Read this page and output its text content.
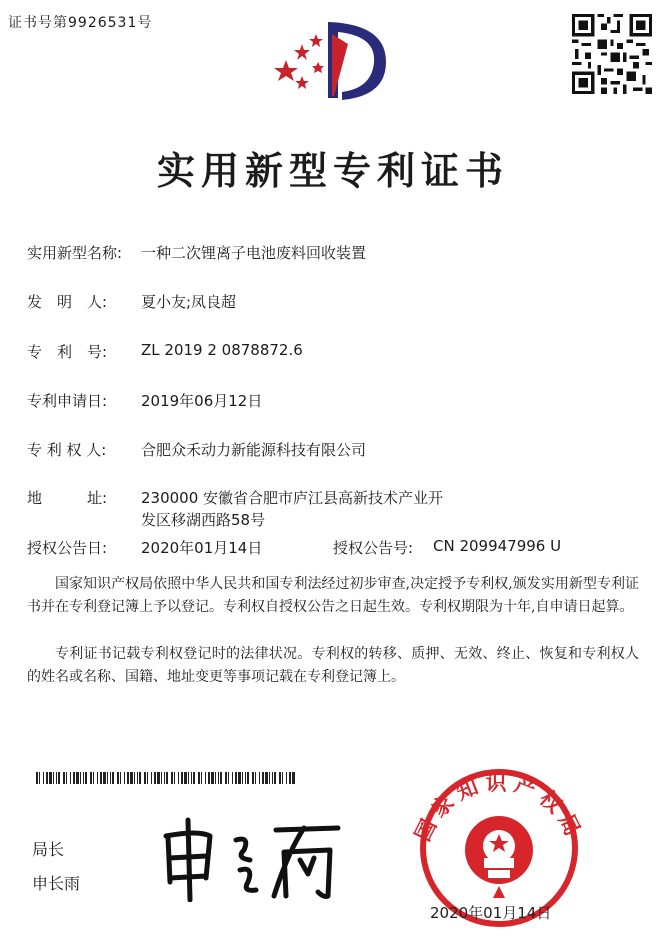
证书号第9926531号
实用新型专利证书
实用新型名称:	一种二次锂离子电池废料回收装置
发　明　人:	夏小友;凤良超
专　利　号:	ZL 2019 2 0878872.6
专利申请日:	2019年06月12日
专 利 权 人:	合肥众禾动力新能源科技有限公司
地　　　址:	230000 安徽省合肥市庐江县高新技术产业开发区移湖西路58号
授权公告日:	2020年01月14日	授权公告号:	CN 209947996 U
国家知识产权局依照中华人民共和国专利法经过初步审查,决定授予专利权,颁发实用新型专利证书并在专利登记簿上予以登记。专利权自授权公告之日起生效。专利权期限为十年,自申请日起算。
专利证书记载专利权登记时的法律状况。专利权的转移、质押、无效、终止、恢复和专利权人的姓名或名称、国籍、地址变更等事项记载在专利登记簿上。
局长
申长雨
国家知识产权局
2020年01月14日
